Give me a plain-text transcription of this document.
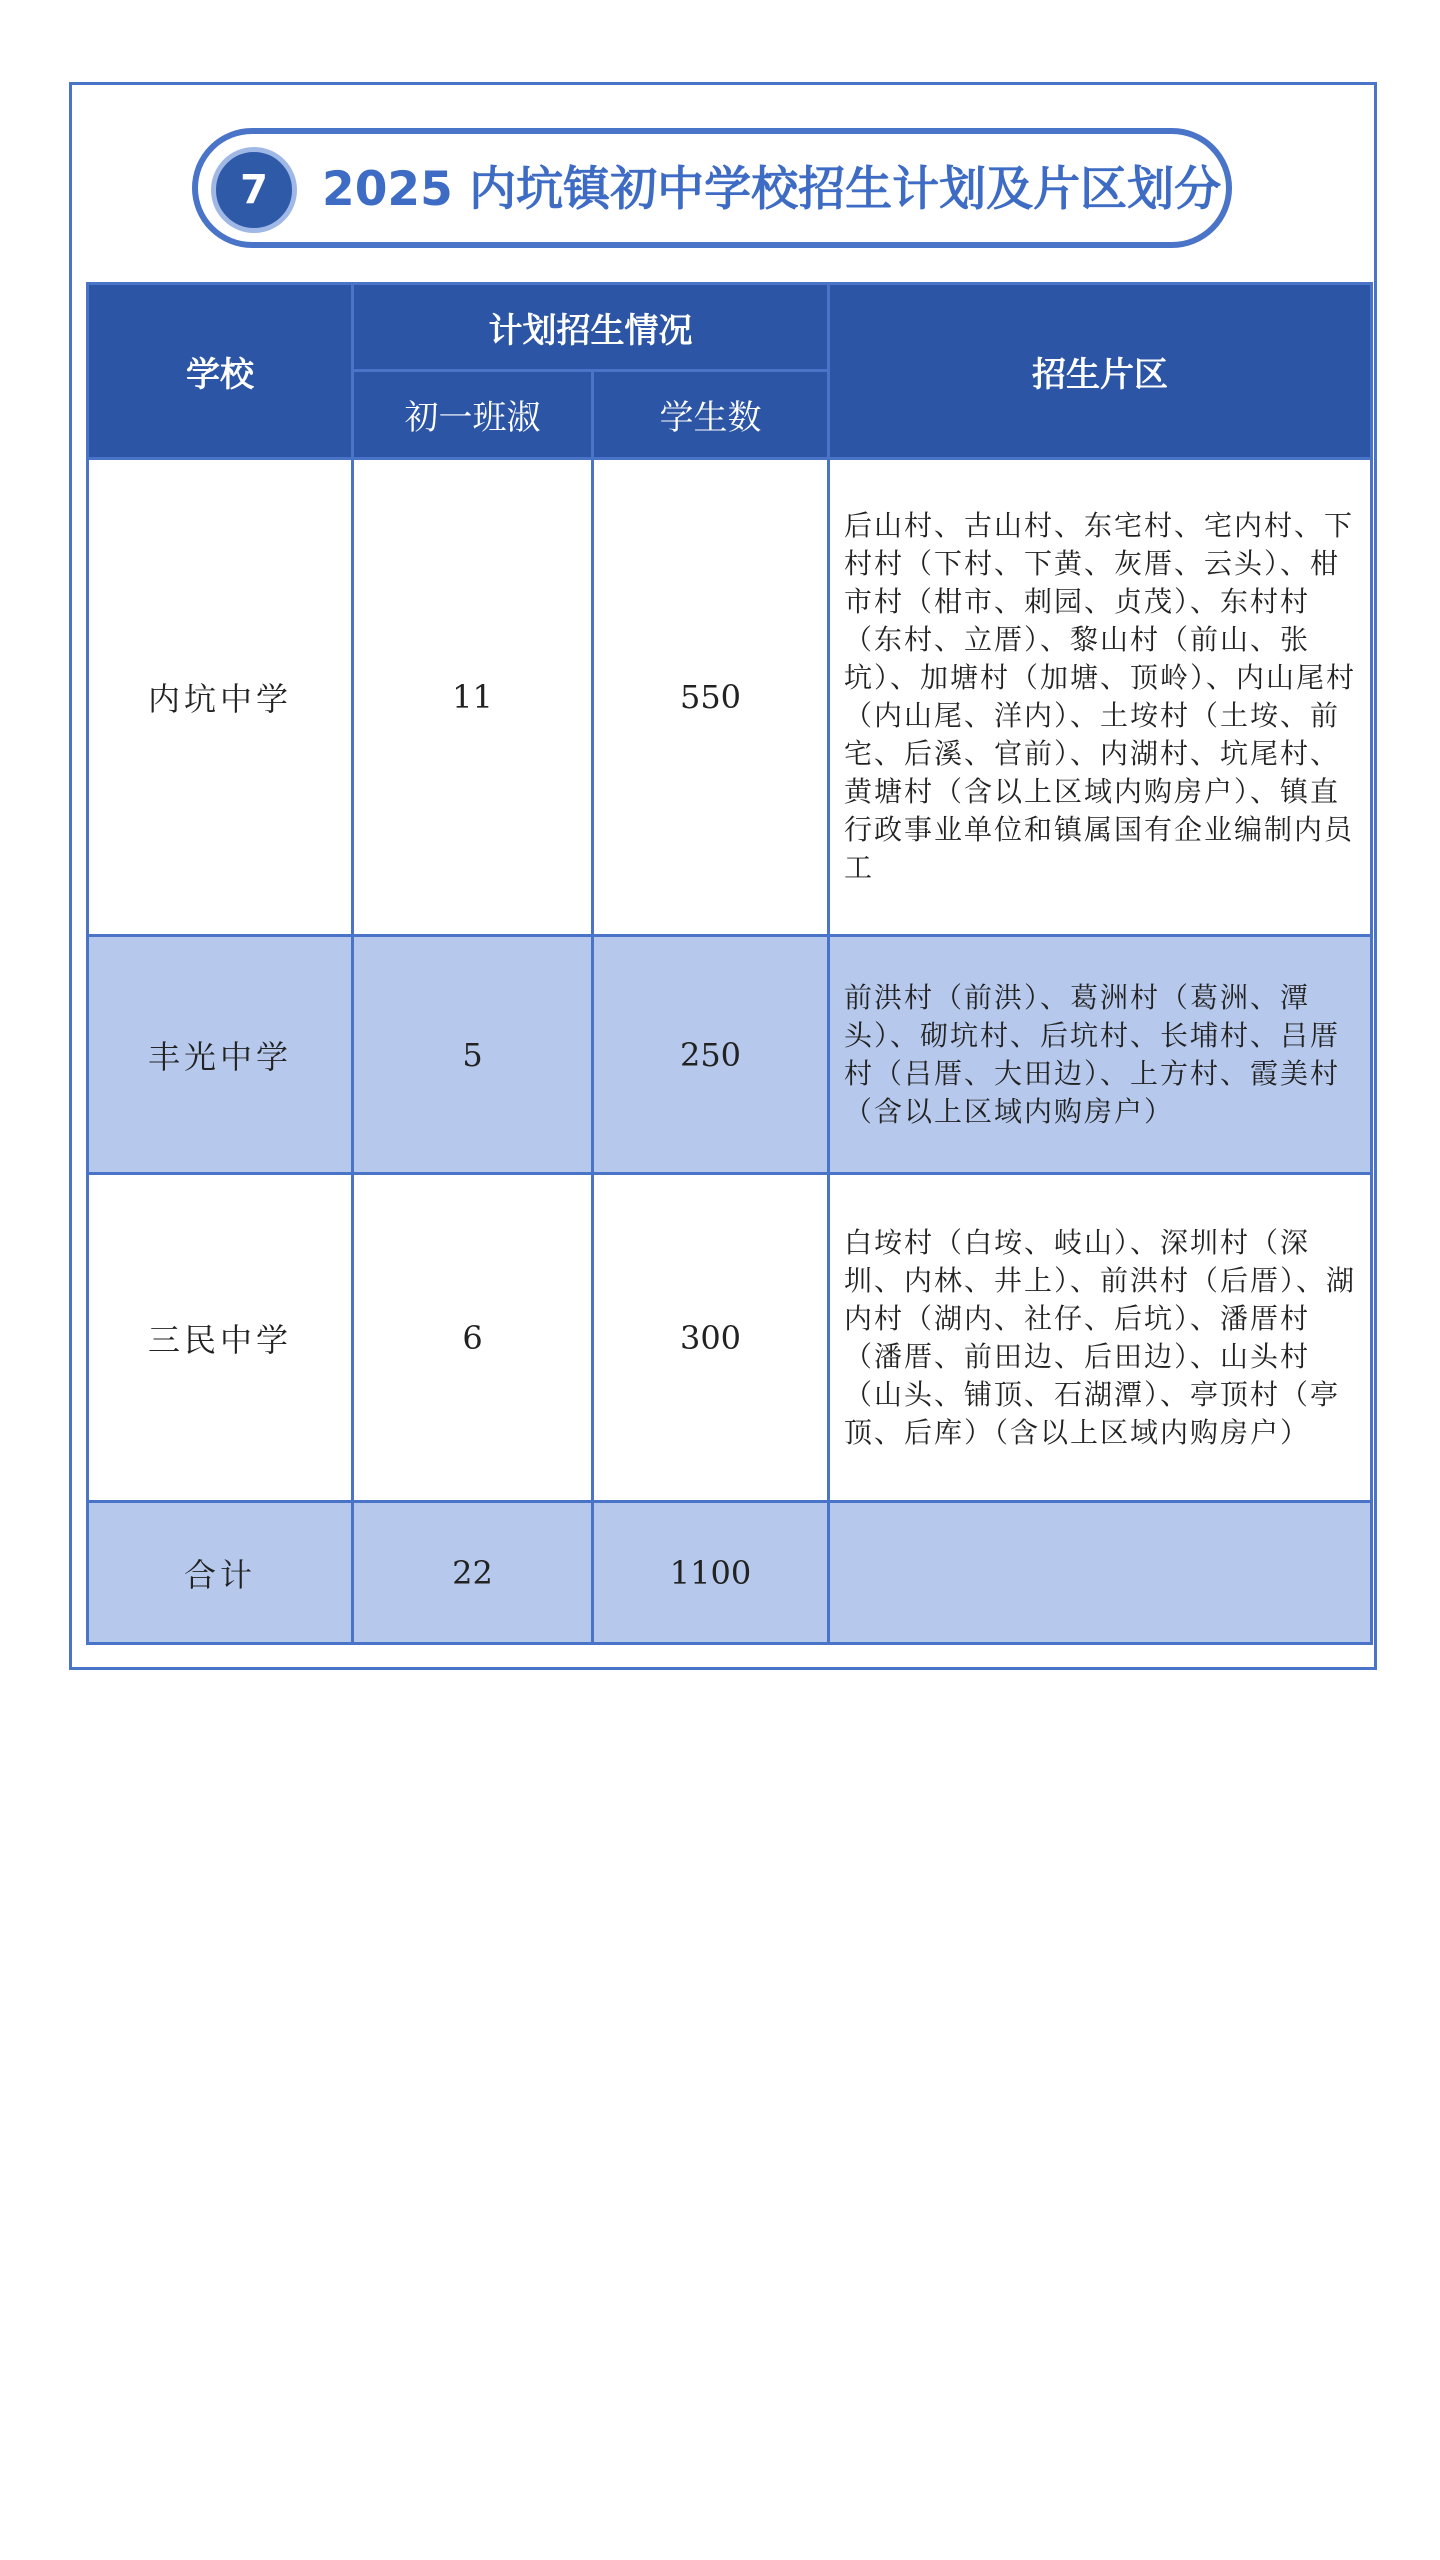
7	2025 内坑镇初中学校招生计划及片区划分
学校	计划招生情况		招生片区
	初一班淑	学生数	
内坑中学	11	550	后山村、古山村、东宅村、宅内村、下村村（下村、下黄、灰厝、云头）、柑市村（柑市、刺园、贞茂）、东村村（东村、立厝）、黎山村（前山、张坑）、加塘村（加塘、顶岭）、内山尾村（内山尾、洋内）、土垵村（土垵、前宅、后溪、官前）、内湖村、坑尾村、黄塘村（含以上区域内购房户）、镇直行政事业单位和镇属国有企业编制内员工
丰光中学	5	250	前洪村（前洪）、葛洲村（葛洲、潭头）、砌坑村、后坑村、长埔村、吕厝村（吕厝、大田边）、上方村、霞美村（含以上区域内购房户）
三民中学	6	300	白垵村（白垵、岐山）、深圳村（深圳、内林、井上）、前洪村（后厝）、湖内村（湖内、社仔、后坑）、潘厝村（潘厝、前田边、后田边）、山头村（山头、铺顶、石湖潭）、亭顶村（亭顶、后库）（含以上区域内购房户）
合计	22	1100	
